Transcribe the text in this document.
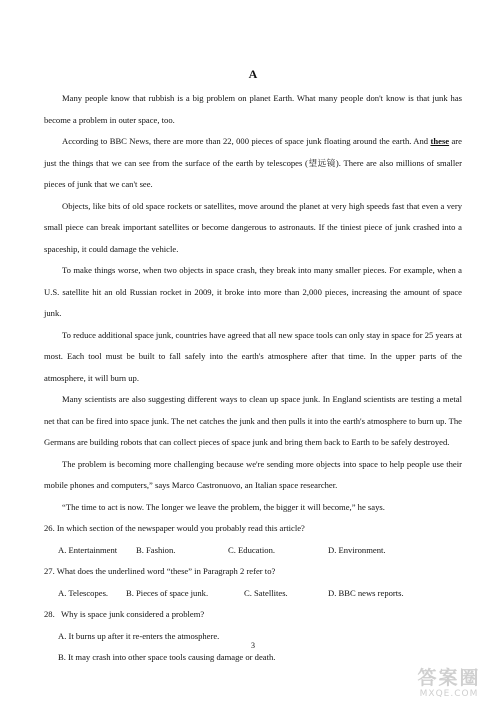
A

Many people know that rubbish is a big problem on planet Earth. What many people don't know is that junk has become a problem in outer space, too.

According to BBC News, there are more than 22, 000 pieces of space junk floating around the earth. And these are just the things that we can see from the surface of the earth by telescopes (望远镜). There are also millions of smaller pieces of junk that we can't see.

Objects, like bits of old space rockets or satellites, move around the planet at very high speeds fast that even a very small piece can break important satellites or become dangerous to astronauts. If the tiniest piece of junk crashed into a spaceship, it could damage the vehicle.

To make things worse, when two objects in space crash, they break into many smaller pieces. For example, when a U.S. satellite hit an old Russian rocket in 2009, it broke into more than 2,000 pieces, increasing the amount of space junk.

To reduce additional space junk, countries have agreed that all new space tools can only stay in space for 25 years at most. Each tool must be built to fall safely into the earth's atmosphere after that time. In the upper parts of the atmosphere, it will burn up.

Many scientists are also suggesting different ways to clean up space junk. In England scientists are testing a metal net that can be fired into space junk. The net catches the junk and then pulls it into the earth's atmosphere to burn up. The Germans are building robots that can collect pieces of space junk and bring them back to Earth to be safely destroyed.

The problem is becoming more challenging because we're sending more objects into space to help people use their mobile phones and computers,” says Marco Castronuovo, an Italian space researcher.

“The time to act is now. The longer we leave the problem, the bigger it will become,” he says.

26. In which section of the newspaper would you probably read this article?

A. Entertainment	B. Fashion.	C. Education.	D. Environment.

27. What does the underlined word “these” in Paragraph 2 refer to?

A. Telescopes.	B. Pieces of space junk.	C. Satellites.	D. BBC news reports.

28.   Why is space junk considered a problem?

A. It burns up after it re-enters the atmosphere.

B. It may crash into other space tools causing damage or death.

3
答案圈
MXQE.COM
